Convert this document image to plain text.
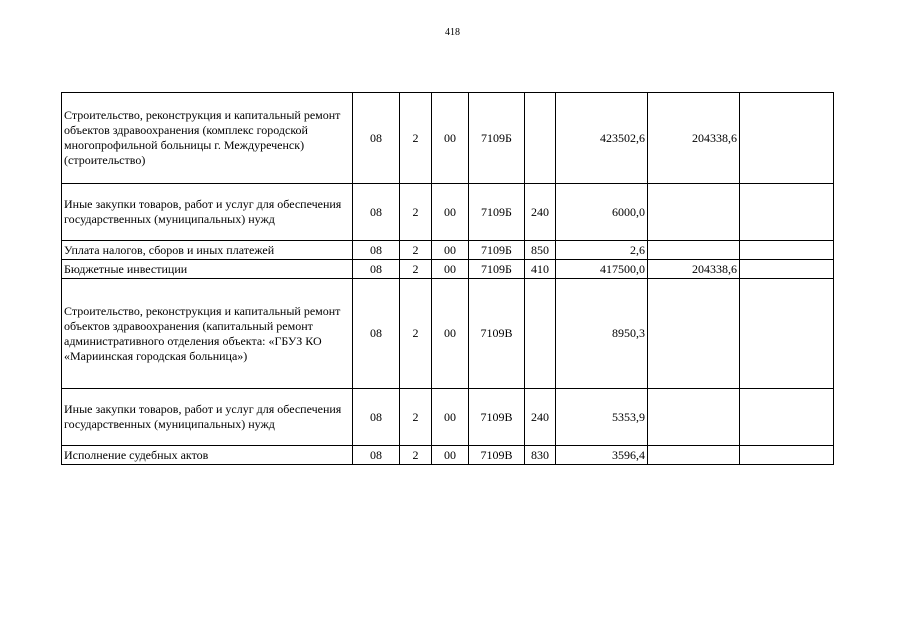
418
Строительство, реконструкция и капитальный ремонт объектов здравоохранения (комплекс городской многопрофильной больницы г. Междуреченск) (строительство)	08	2	00	7109Б		423502,6	204338,6	
Иные закупки товаров, работ и услуг для обеспечения государственных (муниципальных) нужд	08	2	00	7109Б	240	6000,0		
Уплата налогов, сборов и иных платежей	08	2	00	7109Б	850	2,6		
Бюджетные инвестиции	08	2	00	7109Б	410	417500,0	204338,6	
Строительство, реконструкция и капитальный ремонт объектов здравоохранения (капитальный ремонт административного отделения объекта: «ГБУЗ КО «Мариинская городская больница»)	08	2	00	7109В		8950,3		
Иные закупки товаров, работ и услуг для обеспечения государственных (муниципальных) нужд	08	2	00	7109В	240	5353,9		
Исполнение судебных актов	08	2	00	7109В	830	3596,4		
